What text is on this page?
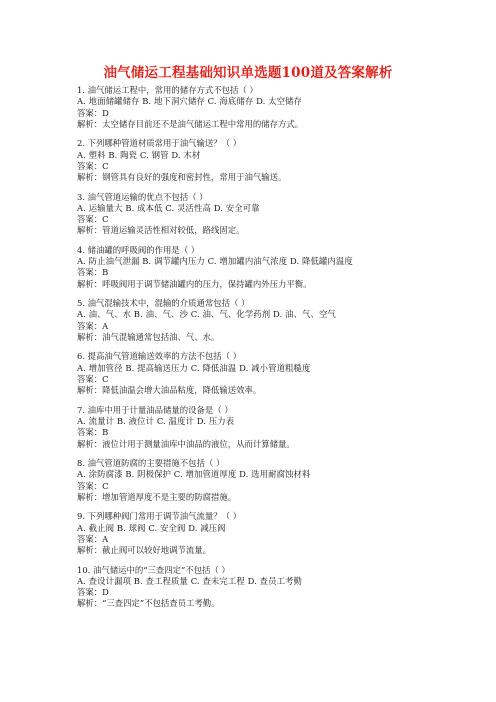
油气储运工程基础知识单选题100道及答案解析
1. 油气储运工程中，常用的储存方式不包括（ ）
A. 地面储罐储存 B. 地下洞穴储存 C. 海底储存 D. 太空储存
答案：D
解析：太空储存目前还不是油气储运工程中常用的储存方式。
2. 下列哪种管道材质常用于油气输送？（ ）
A. 塑料 B. 陶瓷 C. 钢管 D. 木材
答案：C
解析：钢管具有良好的强度和密封性，常用于油气输送。
3. 油气管道运输的优点不包括（ ）
A. 运输量大 B. 成本低 C. 灵活性高 D. 安全可靠
答案：C
解析：管道运输灵活性相对较低，路线固定。
4. 储油罐的呼吸阀的作用是（ ）
A. 防止油气泄漏 B. 调节罐内压力 C. 增加罐内油气浓度 D. 降低罐内温度
答案：B
解析：呼吸阀用于调节储油罐内的压力，保持罐内外压力平衡。
5. 油气混输技术中，混输的介质通常包括（ ）
A. 油、气、水 B. 油、气、沙 C. 油、气、化学药剂 D. 油、气、空气
答案：A
解析：油气混输通常包括油、气、水。
6. 提高油气管道输送效率的方法不包括（ ）
A. 增加管径 B. 提高输送压力 C. 降低油温 D. 减小管道粗糙度
答案：C
解析：降低油温会增大油品粘度，降低输送效率。
7. 油库中用于计量油品储量的设备是（ ）
A. 流量计 B. 液位计 C. 温度计 D. 压力表
答案：B
解析：液位计用于测量油库中油品的液位，从而计算储量。
8. 油气管道防腐的主要措施不包括（ ）
A. 涂防腐漆 B. 阴极保护 C. 增加管道厚度 D. 选用耐腐蚀材料
答案：C
解析：增加管道厚度不是主要的防腐措施。
9. 下列哪种阀门常用于调节油气流量？（ ）
A. 截止阀 B. 球阀 C. 安全阀 D. 减压阀
答案：A
解析：截止阀可以较好地调节流量。
10. 油气储运中的“三查四定”不包括（ ）
A. 查设计漏项 B. 查工程质量 C. 查未完工程 D. 查员工考勤
答案：D
解析：“三查四定”不包括查员工考勤。
